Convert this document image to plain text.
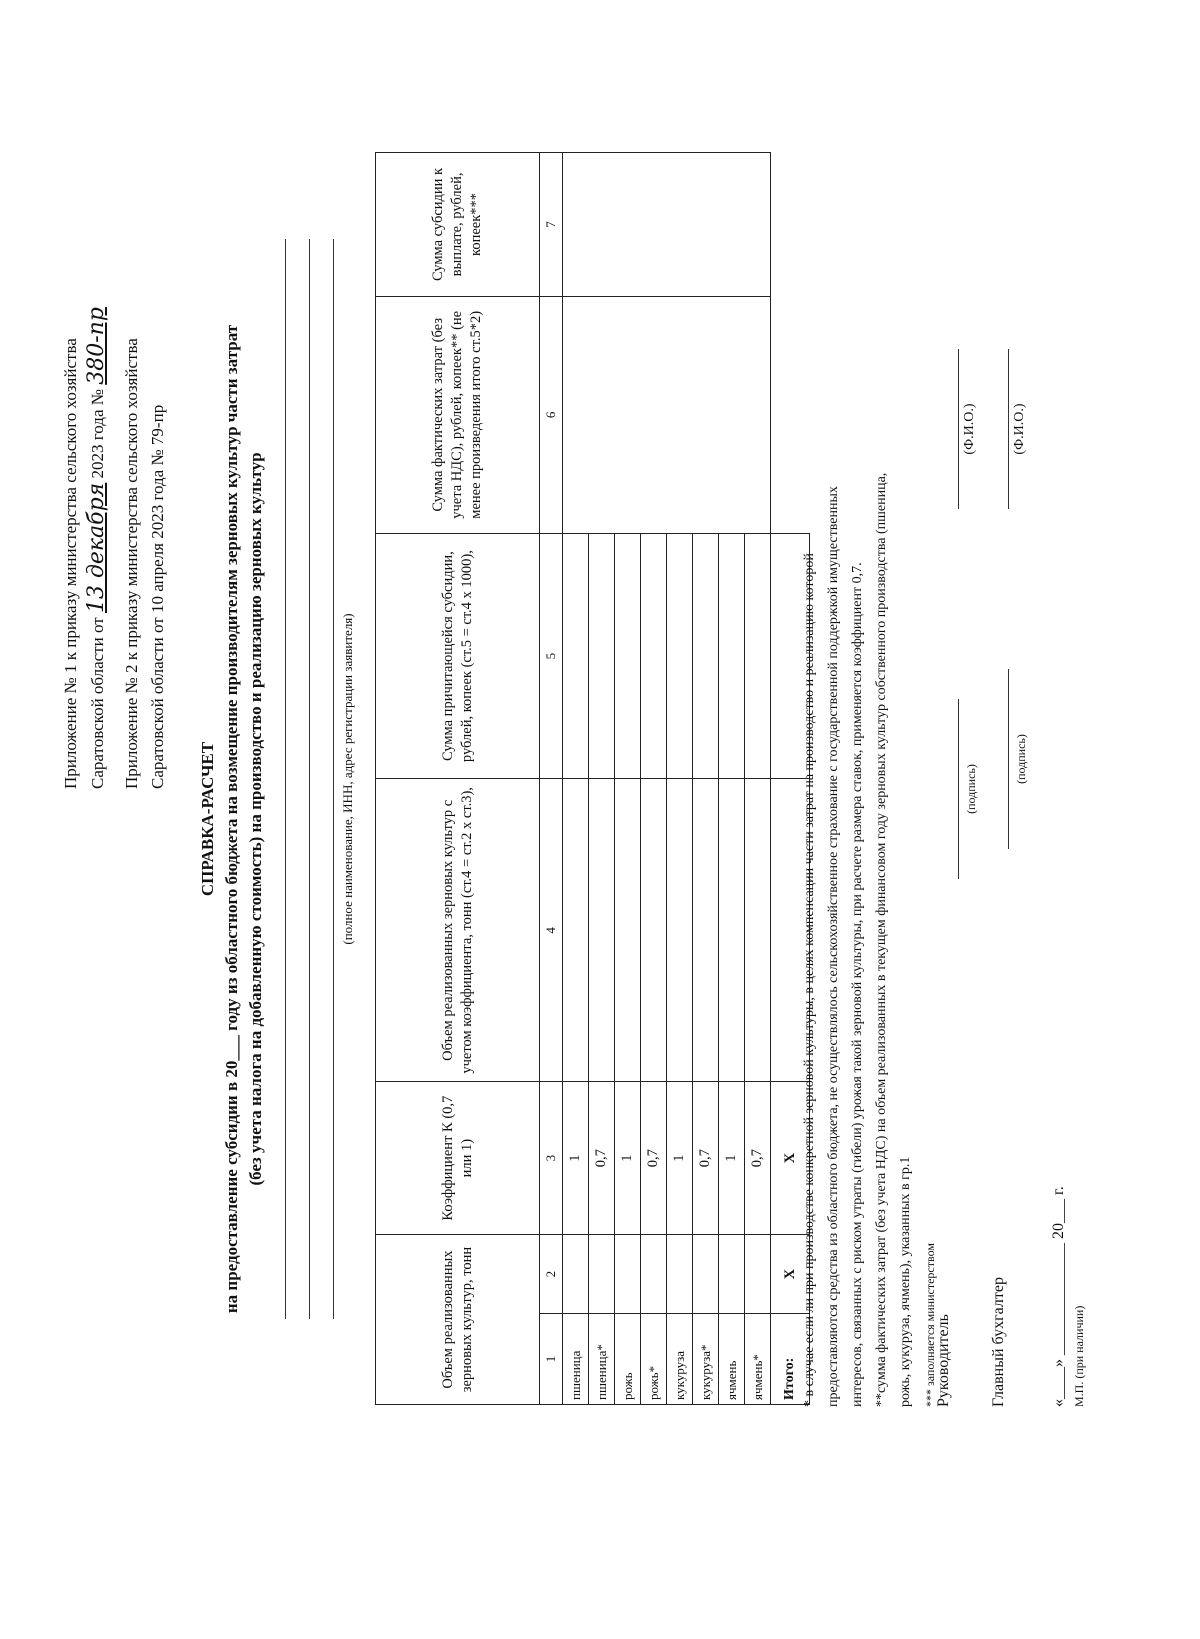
Приложение № 1 к приказу министерства сельского хозяйства Саратовской области от 13 декабря 2023 года № 380-пр Приложение № 2 к приказу министерства сельского хозяйства Саратовской области от 10 апреля 2023 года № 79-пр
СПРАВКА-РАСЧЕТ на предоставление субсидии в 20___ году из областного бюджета на возмещение производителям зерновых культур части затрат (без учета налога на добавленную стоимость) на производство и реализацию зерновых культур	(полное наименование, ИНН, адрес регистрации заявителя)
Объем реализованных зерновых культур, тонн		Коэффициент К (0,7 или 1)	Объем реализованных зерновых культур с учетом коэффициента, тонн (ст.4 = ст.2 х ст.3),	Сумма причитающейся субсидии, рублей, копеек (ст.5 = ст.4 х 1000),	Сумма фактических затрат (без учета НДС), рублей, копеек** (не менее произведения итого ст.5*2)	Сумма субсидии к выплате, рублей, копеек***
1	2	3	4	5	6	7
пшеница		1				
пшеница*		0,7				
рожь		1				
рожь*		0,7				
кукуруза		1				
кукуруза*		0,7				
ячмень		1				
ячмень*		0,7				
Итого:	X	X				* в случае если ли при производстве конкретной зерновой культуры, в целях компенсации части затрат на производство и реализацию которой предоставляются средства из областного бюджета, не осуществлялось сельскохозяйственное страхование с государственной поддержкой имущественных интересов, связанных с риском утраты (гибели) урожая такой зерновой культуры, при расчете размера ставок, применяется коэффициент 0,7. **сумма фактических затрат (без учета НДС) на объем реализованных в текущем финансовом году зерновых культур собственного производства (пшеница, рожь, кукуруза, ячмень), указанных в гр.1 *** заполняется министерством
Руководитель
(подпись)
(Ф.И.О.)
Главный бухгалтер
(подпись)
(Ф.И.О.)
«____» ______________ 20___ г. М.П. (при наличии)
